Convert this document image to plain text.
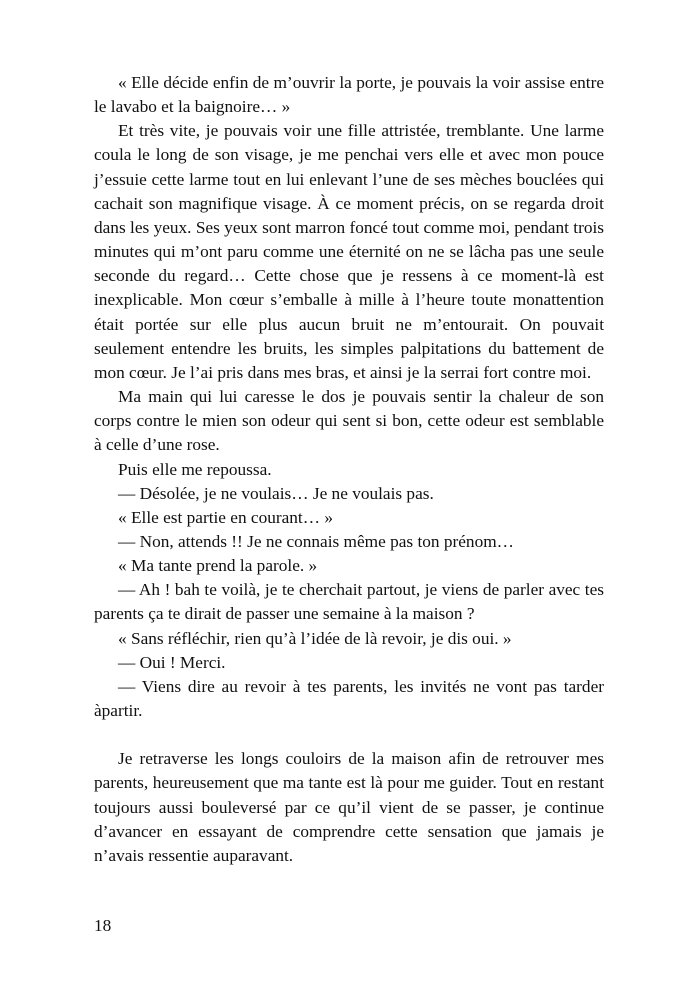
« Elle décide enfin de m’ouvrir la porte, je pouvais la voir assise entre le lavabo et la baignoire… »

Et très vite, je pouvais voir une fille attristée, tremblante. Une larme coula le long de son visage, je me penchai vers elle et avec mon pouce j’essuie cette larme tout en lui enlevant l’une de ses mèches bouclées qui cachait son magnifique visage. À ce moment précis, on se regarda droit dans les yeux. Ses yeux sont marron foncé tout comme moi, pendant trois minutes qui m’ont paru comme une éternité on ne se lâcha pas une seule seconde du regard… Cette chose que je ressens à ce moment-là est inexplicable. Mon cœur s’emballe à mille à l’heure toute monattention était portée sur elle plus aucun bruit ne m’entourait. On pouvait seulement entendre les bruits, les simples palpitations du battement de mon cœur. Je l’ai pris dans mes bras, et ainsi je la serrai fort contre moi.

Ma main qui lui caresse le dos je pouvais sentir la chaleur de son corps contre le mien son odeur qui sent si bon, cette odeur est semblable à celle d’une rose.

Puis elle me repoussa.

— Désolée, je ne voulais… Je ne voulais pas.

« Elle est partie en courant… »

— Non, attends !! Je ne connais même pas ton prénom…

« Ma tante prend la parole. »

— Ah ! bah te voilà, je te cherchait partout, je viens de parler avec tes parents ça te dirait de passer une semaine à la maison ?

« Sans réfléchir, rien qu’à l’idée de là revoir, je dis oui. »

— Oui ! Merci.

— Viens dire au revoir à tes parents, les invités ne vont pas tarder àpartir.

Je retraverse les longs couloirs de la maison afin de retrouver mes parents, heureusement que ma tante est là pour me guider. Tout en restant toujours aussi bouleversé par ce qu’il vient de se passer, je continue d’avancer en essayant de comprendre cette sensation que jamais je n’avais ressentie auparavant.

18
